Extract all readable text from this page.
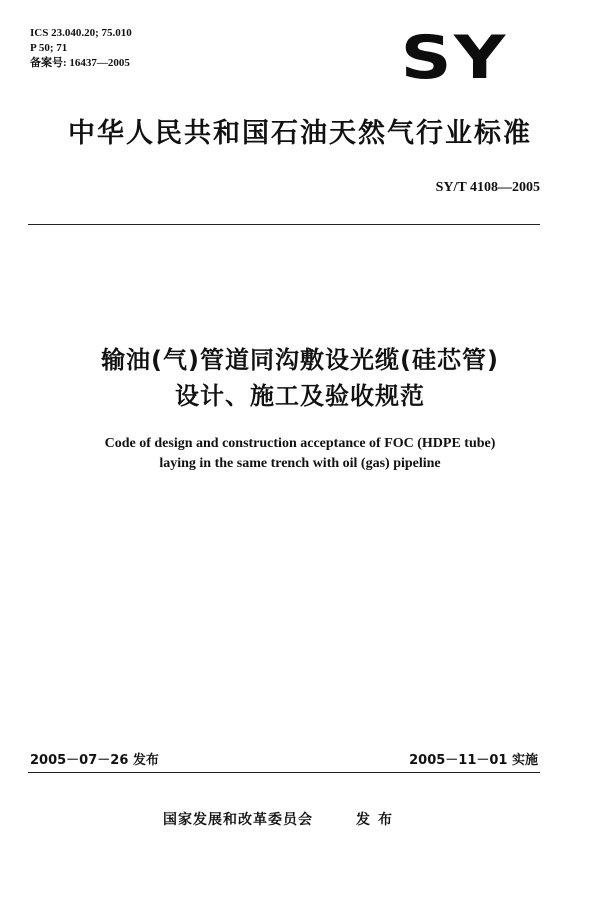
ICS 23.040.20; 75.010
P 50; 71
备案号: 16437—2005	SY
中华人民共和国石油天然气行业标准
SY/T 4108—2005
输油(气)管道同沟敷设光缆(硅芯管)
设计、施工及验收规范
Code of design and construction acceptance of FOC (HDPE tube)
laying in the same trench with oil (gas) pipeline
2005－07－26 发布	2005－11－01 实施
国家发展和改革委员会	发布
